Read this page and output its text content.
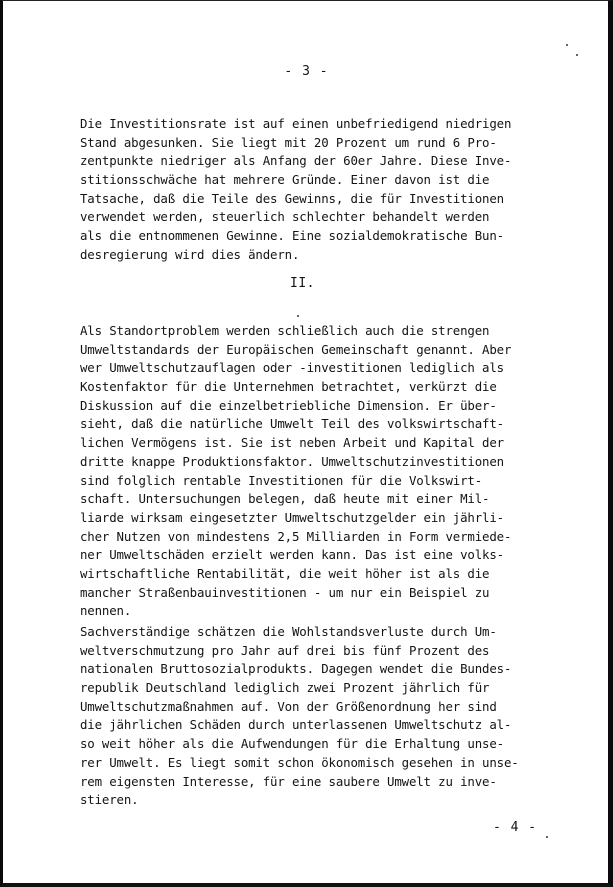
- 3 -
Die Investitionsrate ist auf einen unbefriedigend niedrigen
Stand abgesunken. Sie liegt mit 20 Prozent um rund 6 Pro-
zentpunkte niedriger als Anfang der 60er Jahre. Diese Inve-
stitionsschwäche hat mehrere Gründe. Einer davon ist die
Tatsache, daß die Teile des Gewinns, die für Investitionen
verwendet werden, steuerlich schlechter behandelt werden
als die entnommenen Gewinne. Eine sozialdemokratische Bun-
desregierung wird dies ändern.
II.
Als Standortproblem werden schließlich auch die strengen
Umweltstandards der Europäischen Gemeinschaft genannt. Aber
wer Umweltschutzauflagen oder -investitionen lediglich als
Kostenfaktor für die Unternehmen betrachtet, verkürzt die
Diskussion auf die einzelbetriebliche Dimension. Er über-
sieht, daß die natürliche Umwelt Teil des volkswirtschaft-
lichen Vermögens ist. Sie ist neben Arbeit und Kapital der
dritte knappe Produktionsfaktor. Umweltschutzinvestitionen
sind folglich rentable Investitionen für die Volkswirt-
schaft. Untersuchungen belegen, daß heute mit einer Mil-
liarde wirksam eingesetzter Umweltschutzgelder ein jährli-
cher Nutzen von mindestens 2,5 Milliarden in Form vermiede-
ner Umweltschäden erzielt werden kann. Das ist eine volks-
wirtschaftliche Rentabilität, die weit höher ist als die
mancher Straßenbauinvestitionen - um nur ein Beispiel zu
nennen.
Sachverständige schätzen die Wohlstandsverluste durch Um-
weltverschmutzung pro Jahr auf drei bis fünf Prozent des
nationalen Bruttosozialprodukts. Dagegen wendet die Bundes-
republik Deutschland lediglich zwei Prozent jährlich für
Umweltschutzmaßnahmen auf. Von der Größenordnung her sind
die jährlichen Schäden durch unterlassenen Umweltschutz al-
so weit höher als die Aufwendungen für die Erhaltung unse-
rer Umwelt. Es liegt somit schon ökonomisch gesehen in unse-
rem eigensten Interesse, für eine saubere Umwelt zu inve-
stieren.
- 4 -
